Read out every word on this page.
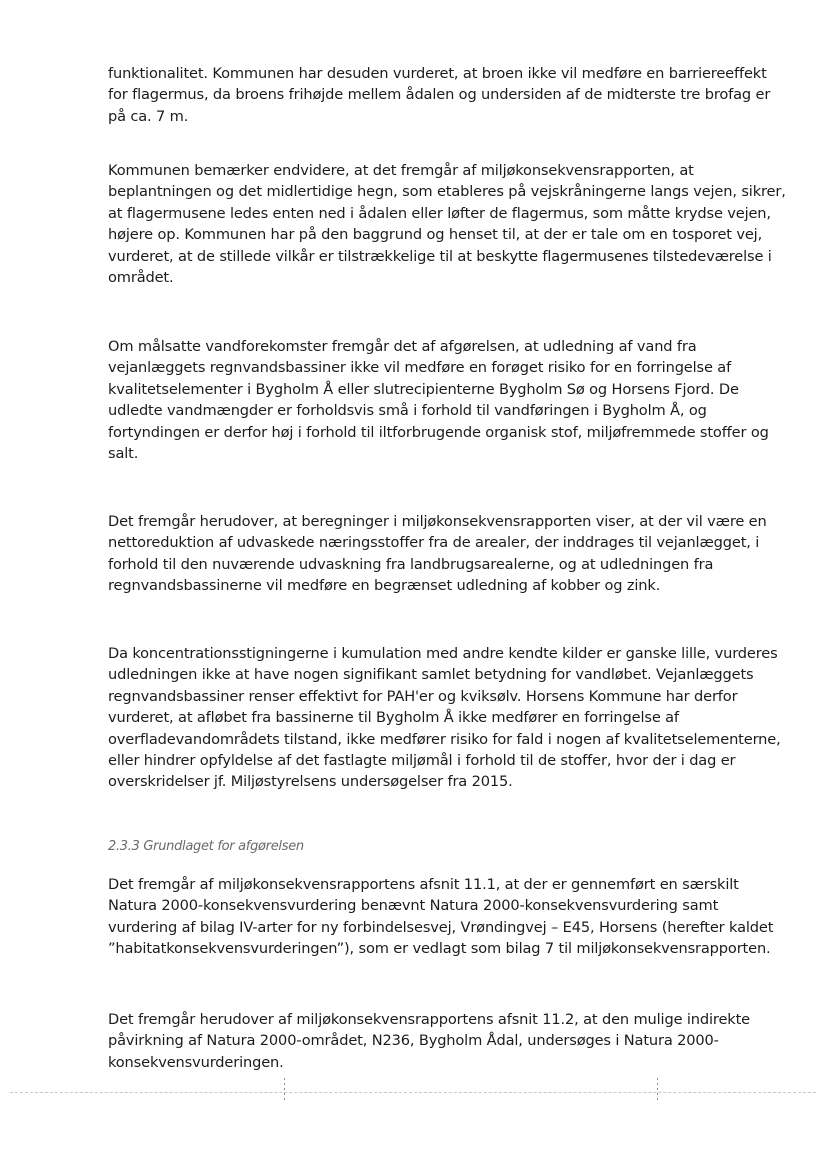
funktionalitet. Kommunen har desuden vurderet, at broen ikke vil medføre en barriereeffekt
for flagermus, da broens frihøjde mellem ådalen og undersiden af de midterste tre brofag er
på ca. 7 m.
Kommunen bemærker endvidere, at det fremgår af miljøkonsekvensrapporten, at
beplantningen og det midlertidige hegn, som etableres på vejskråningerne langs vejen, sikrer,
at flagermusene ledes enten ned i ådalen eller løfter de flagermus, som måtte krydse vejen,
højere op. Kommunen har på den baggrund og henset til, at der er tale om en tosporet vej,
vurderet, at de stillede vilkår er tilstrækkelige til at beskytte flagermusenes tilstedeværelse i
området.
Om målsatte vandforekomster fremgår det af afgørelsen, at udledning af vand fra
vejanlæggets regnvandsbassiner ikke vil medføre en forøget risiko for en forringelse af
kvalitetselementer i Bygholm Å eller slutrecipienterne Bygholm Sø og Horsens Fjord. De
udledte vandmængder er forholdsvis små i forhold til vandføringen i Bygholm Å, og
fortyndingen er derfor høj i forhold til iltforbrugende organisk stof, miljøfremmede stoffer og
salt.
Det fremgår herudover, at beregninger i miljøkonsekvensrapporten viser, at der vil være en
nettoreduktion af udvaskede næringsstoffer fra de arealer, der inddrages til vejanlægget, i
forhold til den nuværende udvaskning fra landbrugsarealerne, og at udledningen fra
regnvandsbassinerne vil medføre en begrænset udledning af kobber og zink.
Da koncentrationsstigningerne i kumulation med andre kendte kilder er ganske lille, vurderes
udledningen ikke at have nogen signifikant samlet betydning for vandløbet. Vejanlæggets
regnvandsbassiner renser effektivt for PAH'er og kviksølv. Horsens Kommune har derfor
vurderet, at afløbet fra bassinerne til Bygholm Å ikke medfører en forringelse af
overfladevandområdets tilstand, ikke medfører risiko for fald i nogen af kvalitetselementerne,
eller hindrer opfyldelse af det fastlagte miljømål i forhold til de stoffer, hvor der i dag er
overskridelser jf. Miljøstyrelsens undersøgelser fra 2015.
2.3.3 Grundlaget for afgørelsen
Det fremgår af miljøkonsekvensrapportens afsnit 11.1, at der er gennemført en særskilt
Natura 2000-konsekvensvurdering benævnt Natura 2000-konsekvensvurdering samt
vurdering af bilag IV-arter for ny forbindelsesvej, Vrøndingvej – E45, Horsens (herefter kaldet
”habitatkonsekvensvurderingen”), som er vedlagt som bilag 7 til miljøkonsekvensrapporten.
Det fremgår herudover af miljøkonsekvensrapportens afsnit 11.2, at den mulige indirekte
påvirkning af Natura 2000-området, N236, Bygholm Ådal, undersøges i Natura 2000-
konsekvensvurderingen.
